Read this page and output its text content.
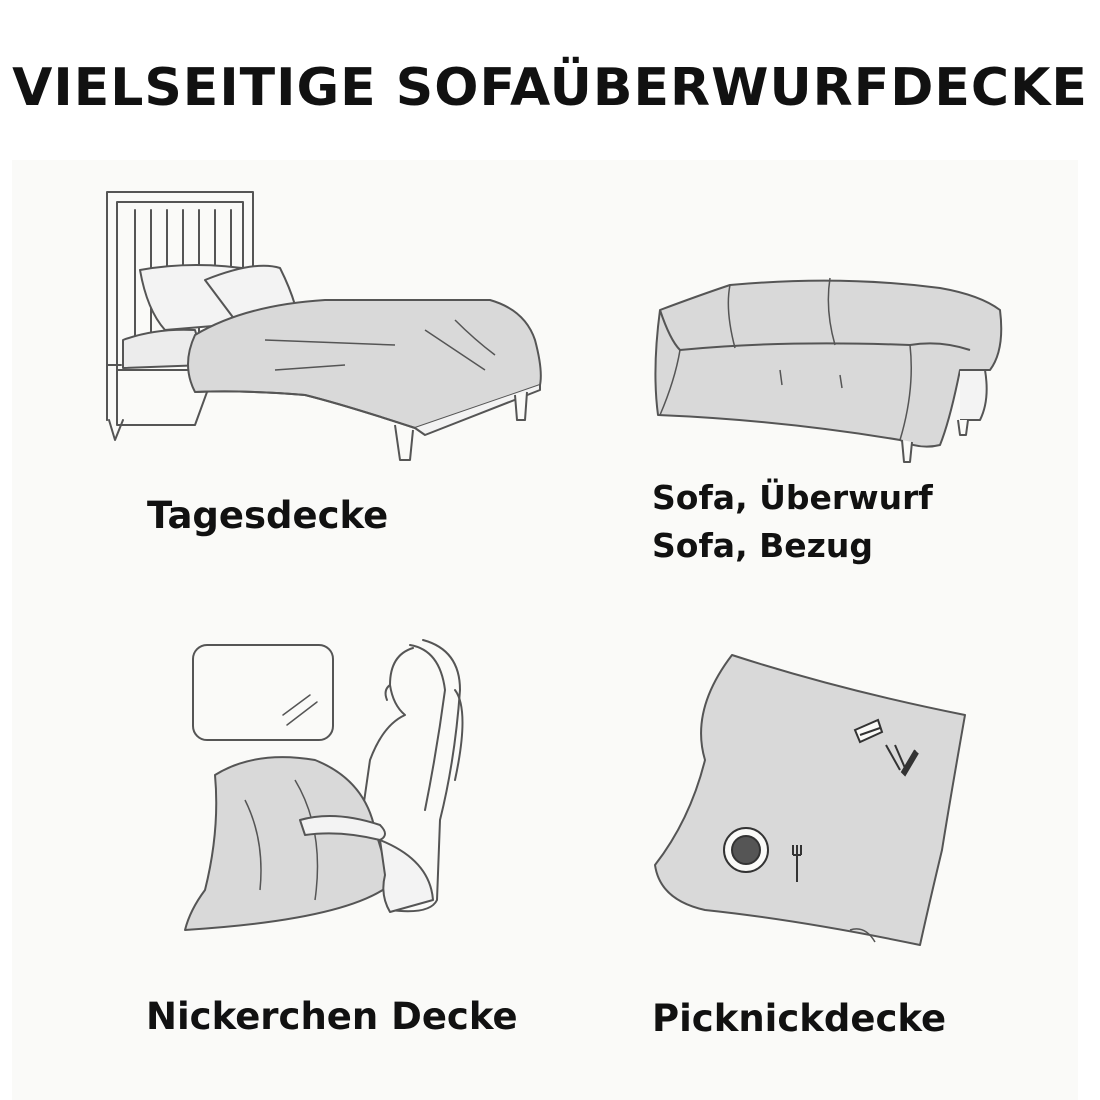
VIELSEITIGE SOFAÜBERWURFDECKE
Tagesdecke	Sofa, Überwurf
Sofa, Bezug
Nickerchen Decke	Picknickdecke
